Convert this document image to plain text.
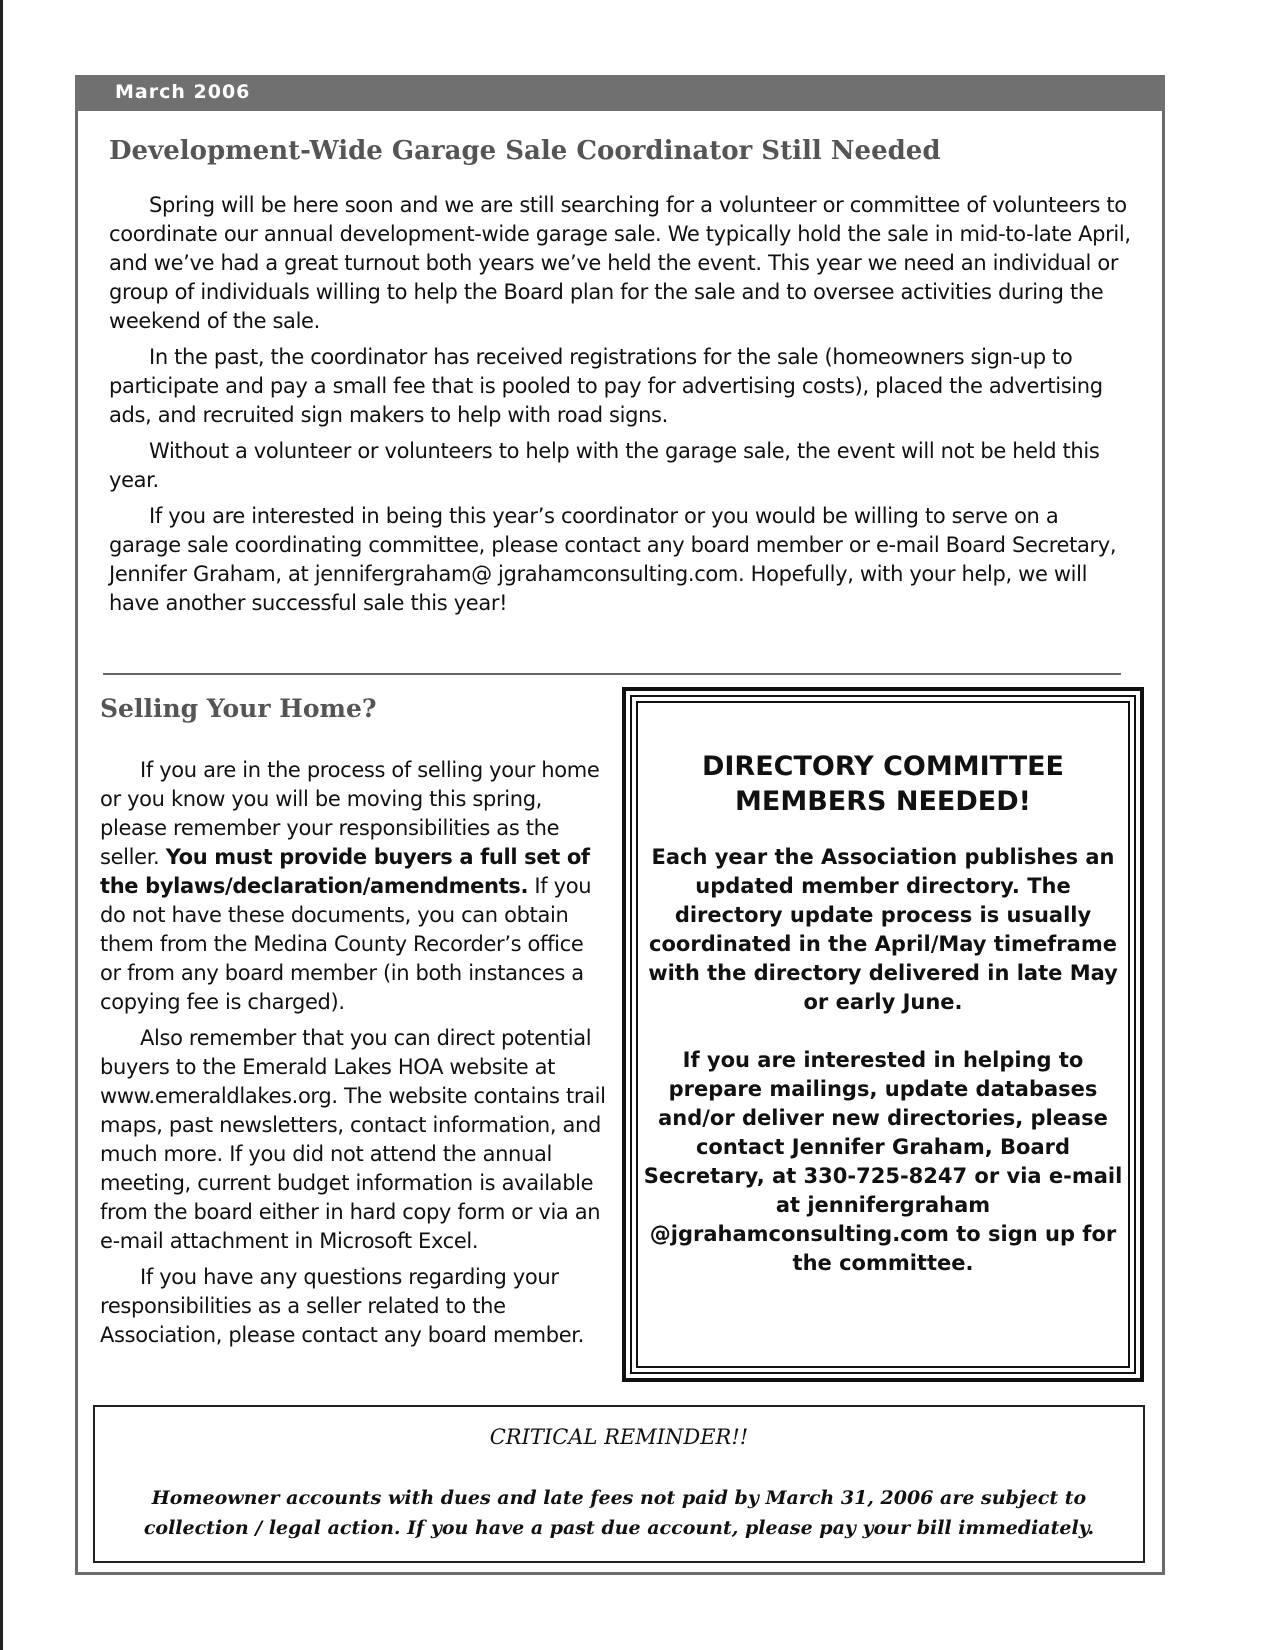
March 2006
Development-Wide Garage Sale Coordinator Still Needed

Spring will be here soon and we are still searching for a volunteer or committee of volunteers to coordinate our annual development-wide garage sale. We typically hold the sale in mid-to-late April, and we’ve had a great turnout both years we’ve held the event. This year we need an individual or group of individuals willing to help the Board plan for the sale and to oversee activities during the weekend of the sale.

In the past, the coordinator has received registrations for the sale (homeowners sign-up to participate and pay a small fee that is pooled to pay for advertising costs), placed the advertising ads, and recruited sign makers to help with road signs.

Without a volunteer or volunteers to help with the garage sale, the event will not be held this year.

If you are interested in being this year’s coordinator or you would be willing to serve on a garage sale coordinating committee, please contact any board member or e-mail Board Secretary, Jennifer Graham, at jennifergraham@ jgrahamconsulting.com. Hopefully, with your help, we will have another successful sale this year!

Selling Your Home?

If you are in the process of selling your home or you know you will be moving this spring, please remember your responsibilities as the seller. You must provide buyers a full set of the bylaws/declaration/amendments. If you do not have these documents, you can obtain them from the Medina County Recorder’s office or from any board member (in both instances a copying fee is charged).

Also remember that you can direct potential buyers to the Emerald Lakes HOA website at www.emeraldlakes.org. The website contains trail maps, past newsletters, contact information, and much more. If you did not attend the annual meeting, current budget information is available from the board either in hard copy form or via an e-mail attachment in Microsoft Excel.

If you have any questions regarding your responsibilities as a seller related to the Association, please contact any board member.

DIRECTORY COMMITTEE
MEMBERS NEEDED!

Each year the Association publishes an updated member directory. The directory update process is usually coordinated in the April/May timeframe with the directory delivered in late May or early June.

If you are interested in helping to prepare mailings, update databases and/or deliver new directories, please contact Jennifer Graham, Board Secretary, at 330-725-8247 or via e-mail at jennifergraham @jgrahamconsulting.com to sign up for the committee.

CRITICAL REMINDER!!
Homeowner accounts with dues and late fees not paid by March 31, 2006 are subject to collection / legal action. If you have a past due account, please pay your bill immediately.
